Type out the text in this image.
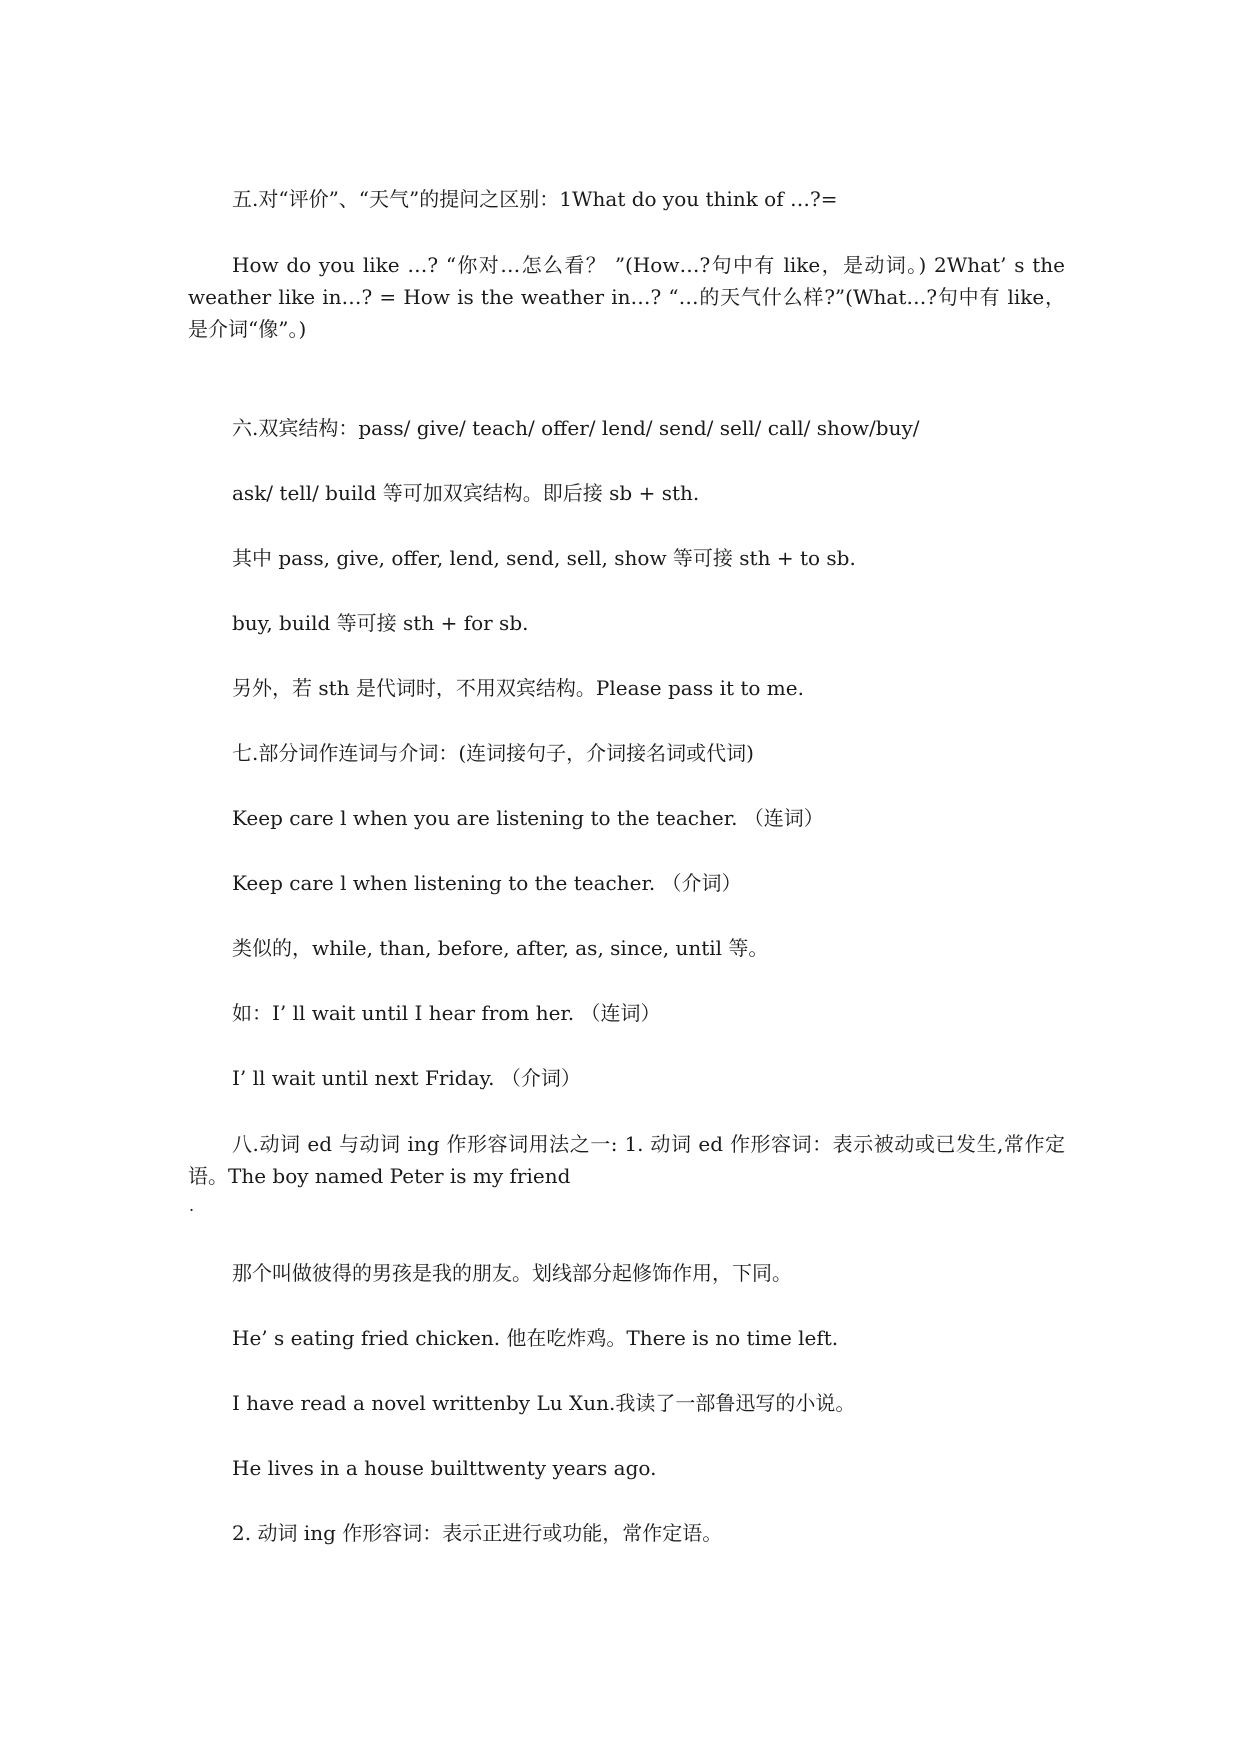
五.对“评价”、“天气”的提问之区别：1What do you think of …?=
How do you like …? “你对…怎么看？ ”(How…?句中有 like，是动词。) 2What’ s the weather like in…? = How is the weather in…? “…的天气什么样?”(What…?句中有 like，是介词“像”。)
六.双宾结构：pass/ give/ teach/ offer/ lend/ send/ sell/ call/ show/buy/
ask/ tell/ build 等可加双宾结构。即后接 sb + sth.
其中 pass, give, offer, lend, send, sell, show 等可接 sth + to sb.
buy, build 等可接 sth + for sb.
另外，若 sth 是代词时，不用双宾结构。Please pass it to me.
七.部分词作连词与介词：(连词接句子，介词接名词或代词)
Keep care l when you are listening to the teacher. （连词）
Keep care l when listening to the teacher. （介词）
类似的，while, than, before, after, as, since, until 等。
如：I’ ll wait until I hear from her. （连词）
I’ ll wait until next Friday. （介词）
八.动词 ed 与动词 ing 作形容词用法之一: 1. 动词 ed 作形容词：表示被动或已发生,常作定语。The boy named Peter is my friend
.
那个叫做彼得的男孩是我的朋友。划线部分起修饰作用，下同。
He’ s eating fried chicken. 他在吃炸鸡。There is no time left.
I have read a novel writtenby Lu Xun.我读了一部鲁迅写的小说。
He lives in a house builttwenty years ago.
2. 动词 ing 作形容词：表示正进行或功能，常作定语。
